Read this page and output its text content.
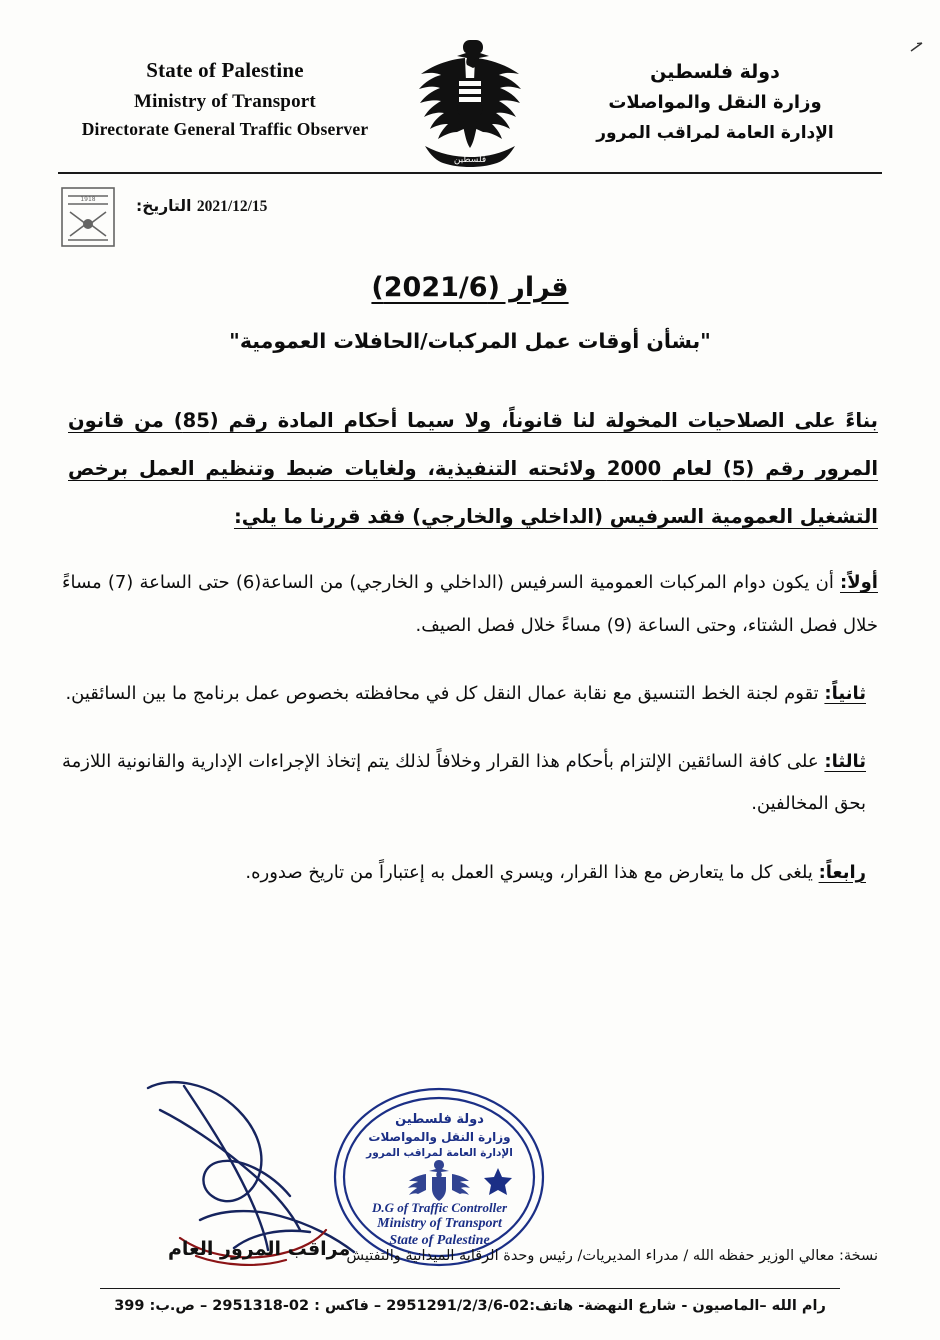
State of Palestine
Ministry of Transport
Directorate General Traffic Observer
فلسطين
دولة فلسطين
وزارة النقل والمواصلات
الإدارة العامة لمراقب المرور
1918	2021/12/15 التاريخ:
قرار (2021/6)
"بشأن أوقات عمل المركبات/الحافلات العمومية"
بناءً على الصلاحيات المخولة لنا قانوناً، ولا سيما أحكام المادة رقم (85) من قانون المرور رقم (5) لعام 2000 ولائحته التنفيذية، ولغايات ضبط وتنظيم العمل برخص التشغيل العمومية السرفيس (الداخلي والخارجي) فقد قررنا ما يلي:
أولاً: أن يكون دوام المركبات العمومية السرفيس (الداخلي و الخارجي) من الساعة(6) حتى الساعة (7) مساءً خلال فصل الشتاء، وحتى الساعة (9) مساءً خلال فصل الصيف.
ثانياً: تقوم لجنة الخط التنسيق مع نقابة عمال النقل كل في محافظته بخصوص عمل برنامج ما بين السائقين.
ثالثا: على كافة السائقين الإلتزام بأحكام هذا القرار وخلافاً لذلك يتم إتخاذ الإجراءات الإدارية والقانونية اللازمة بحق المخالفين.
رابعاً: يلغى كل ما يتعارض مع هذا القرار، ويسري العمل به إعتباراً من تاريخ صدوره.
مراقب المرور العام
دولة فلسطين
وزارة النقل والمواصلات
الإدارة العامة لمراقب المرور
D.G of Traffic Controller
Ministry of Transport
State of Palestine
نسخة: معالي الوزير حفظه الله / مدراء المديريات/ رئيس وحدة الرقابة الميدانية والتفتيش
رام الله –الماصيون - شارع النهضة- هاتف:02-2951291/2/3/6 – فاكس : 02-2951318 – ص.ب: 399
